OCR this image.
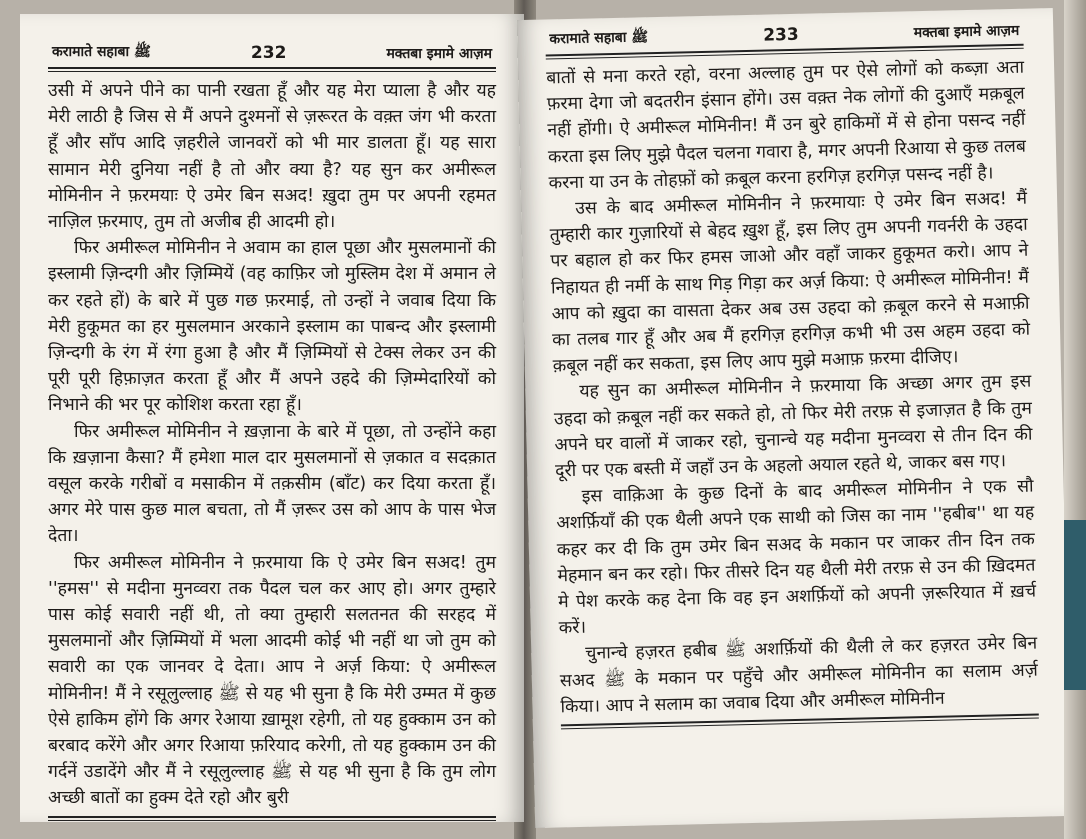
करामाते सहाबा ﷺ	232	मक्तबा इमामे आज़म

उसी में अपने पीने का पानी रखता हूँ और यह मेरा प्याला है और यह मेरी लाठी है जिस से मैं अपने दुश्मनों से ज़रूरत के वक़्त जंग भी करता हूँ और साँप आदि ज़हरीले जानवरों को भी मार डालता हूँ। यह सारा सामान मेरी दुनिया नहीं है तो और क्या है? यह सुन कर अमीरूल मोमिनीन ने फ़रमयाः ऐ उमेर बिन सअद! ख़ुदा तुम पर अपनी रहमत नाज़िल फ़रमाए, तुम तो अजीब ही आदमी हो।

फिर अमीरूल मोमिनीन ने अवाम का हाल पूछा और मुसलमानों की इस्लामी ज़िन्दगी और ज़िम्मियें (वह काफ़िर जो मुस्लिम देश में अमान ले कर रहते हों) के बारे में पुछ गछ फ़रमाई, तो उन्हों ने जवाब दिया कि मेरी हुकूमत का हर मुसलमान अरकाने इस्लाम का पाबन्द और इस्लामी ज़िन्दगी के रंग में रंगा हुआ है और मैं ज़िम्मियों से टेक्स लेकर उन की पूरी पूरी हिफ़ाज़त करता हूँ और मैं अपने उहदे की ज़िम्मेदारियों को निभाने की भर पूर कोशिश करता रहा हूँ।

फिर अमीरूल मोमिनीन ने ख़ज़ाना के बारे में पूछा, तो उन्होंने कहा कि ख़ज़ाना कैसा? मैं हमेशा माल दार मुसलमानों से ज़कात व सदक़ात वसूल करके गरीबों व मसाकीन में तक़सीम (बाँट) कर दिया करता हूँ। अगर मेरे पास कुछ माल बचता, तो मैं ज़रूर उस को आप के पास भेज देता।

फिर अमीरूल मोमिनीन ने फ़रमाया कि ऐ उमेर बिन सअद! तुम ''हमस'' से मदीना मुनव्वरा तक पैदल चल कर आए हो। अगर तुम्हारे पास कोई सवारी नहीं थी, तो क्या तुम्हारी सलतनत की सरहद में मुसलमानों और ज़िम्मियों में भला आदमी कोई भी नहीं था जो तुम को सवारी का एक जानवर दे देता। आप ने अर्ज़ किया: ऐ अमीरूल मोमिनीन! मैं ने रसूलुल्लाह ﷺ से यह भी सुना है कि मेरी उम्मत में कुछ ऐसे हाकिम होंगे कि अगर रेआया ख़ामूश रहेगी, तो यह हुक्काम उन को बरबाद करेंगे और अगर रिआया फ़रियाद करेगी, तो यह हुक्काम उन की गर्दनें उडादेंगे और मैं ने रसूलुल्लाह ﷺ से यह भी सुना है कि तुम लोग अच्छी बातों का हुक्म देते रहो और बुरी

करामाते सहाबा ﷺ	233	मक्तबा इमामे आज़म

बातों से मना करते रहो, वरना अल्लाह तुम पर ऐसे लोगों को कब्ज़ा अता फ़रमा देगा जो बदतरीन इंसान होंगे। उस वक़्त नेक लोगों की दुआएँ मक़बूल नहीं होंगी। ऐ अमीरूल मोमिनीन! मैं उन बुरे हाकिमों में से होना पसन्द नहीं करता इस लिए मुझे पैदल चलना गवारा है, मगर अपनी रिआया से कुछ तलब करना या उन के तोहफ़ों को क़बूल करना हरगिज़ हरगिज़ पसन्द नहीं है।

उस के बाद अमीरूल मोमिनीन ने फ़रमायाः ऐ उमेर बिन सअद! मैं तुम्हारी कार गुज़ारियों से बेहद ख़ुश हूँ, इस लिए तुम अपनी गवर्नरी के उहदा पर बहाल हो कर फिर हमस जाओ और वहाँ जाकर हुकूमत करो। आप ने निहायत ही नर्मी के साथ गिड़ गिड़ा कर अर्ज़ किया: ऐ अमीरूल मोमिनीन! मैं आप को ख़ुदा का वासता देकर अब उस उहदा को क़बूल करने से मआफ़ी का तलब गार हूँ और अब मैं हरगिज़ हरगिज़ कभी भी उस अहम उहदा को क़बूल नहीं कर सकता, इस लिए आप मुझे मआफ़ फ़रमा दीजिए।

यह सुन का अमीरूल मोमिनीन ने फ़रमाया कि अच्छा अगर तुम इस उहदा को क़बूल नहीं कर सकते हो, तो फिर मेरी तरफ़ से इजाज़त है कि तुम अपने घर वालों में जाकर रहो, चुनान्चे यह मदीना मुनव्वरा से तीन दिन की दूरी पर एक बस्ती में जहाँ उन के अहलो अयाल रहते थे, जाकर बस गए।

इस वाक़िआ के कुछ दिनों के बाद अमीरूल मोमिनीन ने एक सौ अशर्फ़ियाँ की एक थैली अपने एक साथी को जिस का नाम ''हबीब'' था यह कहर कर दी कि तुम उमेर बिन सअद के मकान पर जाकर तीन दिन तक मेहमान बन कर रहो। फिर तीसरे दिन यह थैली मेरी तरफ़ से उन की ख़िदमत मे पेश करके कह देना कि वह इन अशर्फ़ियों को अपनी ज़रूरियात में ख़र्च करें।

चुनान्चे हज़रत हबीब ﷺ अशर्फ़ियों की थैली ले कर हज़रत उमेर बिन सअद ﷺ के मकान पर पहुँचे और अमीरूल मोमिनीन का सलाम अर्ज़ किया। आप ने सलाम का जवाब दिया और अमीरूल मोमिनीन
